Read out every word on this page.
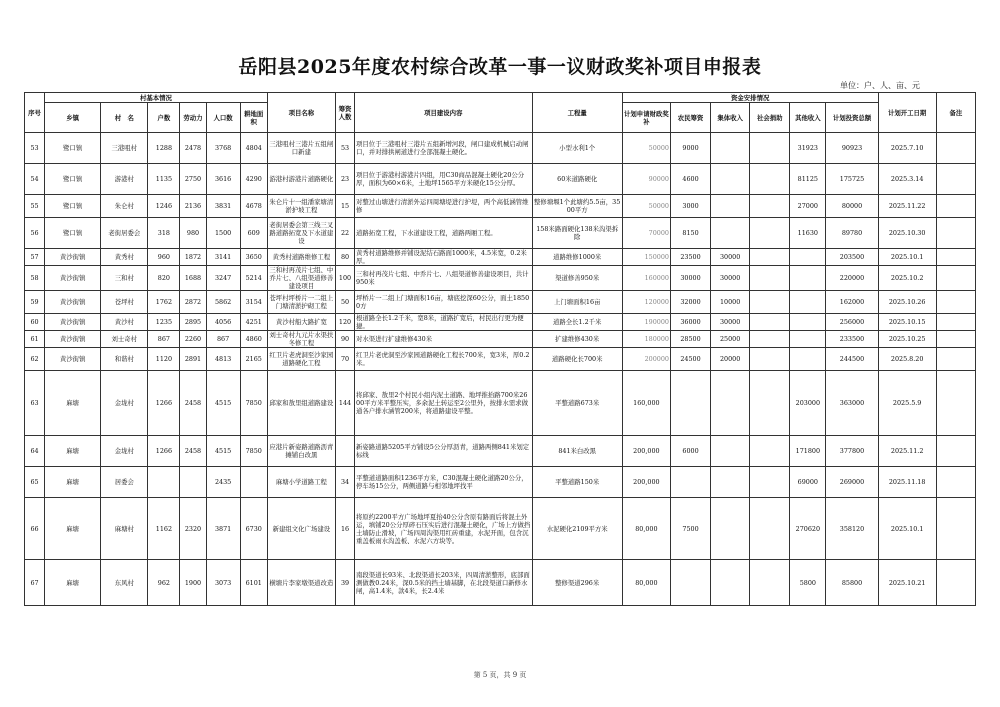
岳阳县2025年度农村综合改革一事一议财政奖补项目申报表
单位：户、人、亩、元
序号	村基本情况						项目名称	筹资人数	项目建设内容	工程量	资金安排情况						计划开工日期	备注
	乡镇	村　名	户数	劳动力	人口数	耕地面积					计划申请财政奖补	农民筹资	集体收入	社会捐助	其他收入	计划投资总额		
53	鹭口镇	三港咀村	1288	2478	3768	4804	三港咀村三港片五组闸口新建	53	项目位于三港咀村三港片五组新增河段，闸口建成机械启动闸口，并对排拱闸道进行全部混凝土硬化。	小型水利1个	50000	9000			31923	90923	2025.7.10	
54	鹭口镇	游港村	1135	2750	3616	4290	游港村游港片道路硬化	23	项目位于游港村游港片四组，用C30商品混凝土硬化20公分厚，面积为60×6米，土地坪1565平方米硬化15公分厚。	60米道路硬化	90000	4600			81125	175725	2025.3.14	
55	鹭口镇	朱仑村	1246	2136	3831	4678	朱仑片十一组潘家塘清淤护坡工程	15	对整过山塘进行清淤外运四周塘堤进行护堤，两个高低涵管维修	整修塘堰1个此塘约5.5亩，3500平方	50000	3000			27000	80000	2025.11.22	
56	鹭口镇	老街居委会	318	980	1500	609	老街居委会第三线三叉路道路拓宽及下水道建设	22	道路拓宽工程，下水道建设工程，道路两厢工程。	158米路面硬化138米沟渠拆除	70000	8150			11630	89780	2025.10.30	
57	黄沙街镇	黄秀村	960	1872	3141	3650	黄秀村道路维修工程	80	黄秀村道路维修并铺设泥结石路面1000米，4.5米宽，0.2米厚。	道路维修1000米	150000	23500	30000			203500	2025.10.1	
58	黄沙街镇	三和村	820	1688	3247	5214	三和村再茂片七组、中乔片七、八组渠道修善建设项目	100	三和村再茂片七组、中乔片七、八组渠道修善建设项目，共计950米	渠道修善950米	160000	30000	30000			220000	2025.10.2	
59	黄沙街镇	苍坪村	1762	2872	5862	3154	苍坪村坪桥片一二组上门塘清淤护砌工程	50	坪桥片一二组上门塘面积16亩，塘底挖深60公分，面土18500方	上门塘面积16亩	120000	32000	10000			162000	2025.10.26	
60	黄沙街镇	黄沙村	1235	2895	4056	4251	黄沙村船大路扩宽	120	根道路全长1.2千米，宽8米，道路扩宽后，村民出行更为便捷。	道路全长1.2千米	190000	36000	30000			256000	2025.10.15	
61	黄沙街镇	刘士奇村	867	2260	867	4860	刘士奇村九元片水渠扶冬修工程	90	对水渠进行扩建维修430米	扩建维修430米	180000	28500	25000			233500	2025.10.25	
62	黄沙街镇	和谐村	1120	2891	4813	2165	红卫片老虎洞至沙家园道路硬化工程	70	红卫片老虎洞至沙家园道路硬化工程长700米，宽3米，厚0.2米。	道路硬化长700米	200000	24500	20000			244500	2025.8.20	
63	麻塘	金垅村	1266	2458	4515	7850	邱家和敖里组道路建设	144	将邱家、敖里2个村民小组内泥土道路、地坪推抬路700米2600平方米平整压实，多余泥土转运至2公里外，按排水需求做通各户排水涵管200米，将道路建设平整。	平整道路673米	160,000				203000	363000	2025.5.9	
64	麻塘	金垅村	1266	2458	4515	7850	应港片新姿路道路沥青摊铺白改黑		新姿路道路5205平方铺设5公分厚沥青，道路两侧841米划定标线	841米白改黑	200,000	6000			171800	377800	2025.11.2	
65	麻塘	居委会			2435		麻塘小学道路工程	34	平整道道路面积1236平方米，C30混凝土硬化道路20公分，停车场15公分，两侧道路与相邻地坪找平	平整道路150米	200,000				69000	269000	2025.11.18	
66	麻塘	麻塘村	1162	2320	3871	6730	新建组文化广场建设	16	将原约2200平方广场地坪夏抬40公分含原有路面后将混土外运，填铺20公分厚碎石压实后进行混凝土硬化，广场上方做挡土墙防止滑坡，广场四周沟渠用红砖重建，水泥开面，包含沉重盖板雨水沟盖板、水泥六方块等。	水泥硬化2109平方米	80,000	7500			270620	358120	2025.10.1	
67	麻塘	东风村	962	1900	3073	6101	横塘片李家墩渠道改造	39	南段渠道长93米、北段渠道长203米，四周清淤整形，底部面测做教0.24米，深0.5米的挡土墙基脚，在北段渠道口新修水闸，高1.4米，款4米，长2.4米	整修渠道296米	80,000				5800	85800	2025.10.21	
第 5 页，共 9 页
